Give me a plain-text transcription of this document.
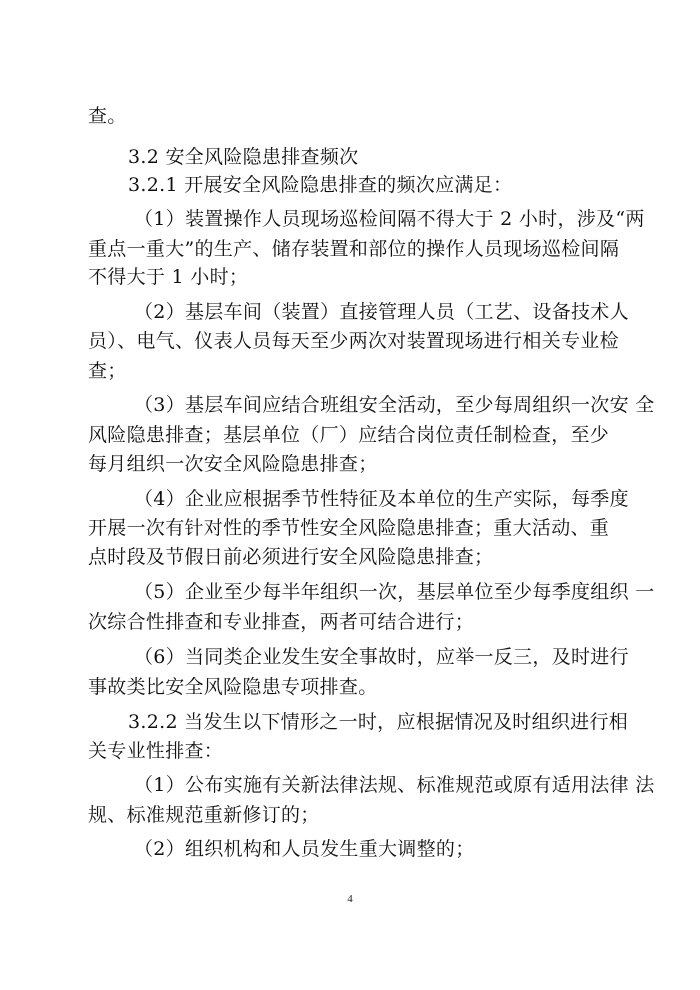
查。
3.2 安全风险隐患排查频次
3.2.1 开展安全风险隐患排查的频次应满足：
（1）装置操作人员现场巡检间隔不得大于 2 小时，涉及“两
重点一重大”的生产、储存装置和部位的操作人员现场巡检间隔
不得大于 1 小时；
（2）基层车间（装置）直接管理人员（工艺、设备技术人
员）、电气、仪表人员每天至少两次对装置现场进行相关专业检
查；
（3）基层车间应结合班组安全活动，至少每周组织一次安 全
风险隐患排查；基层单位（厂）应结合岗位责任制检查，至少
每月组织一次安全风险隐患排查；
（4）企业应根据季节性特征及本单位的生产实际，每季度
开展一次有针对性的季节性安全风险隐患排查；重大活动、重
点时段及节假日前必须进行安全风险隐患排查；
（5）企业至少每半年组织一次，基层单位至少每季度组织 一
次综合性排查和专业排查，两者可结合进行；
（6）当同类企业发生安全事故时，应举一反三，及时进行
事故类比安全风险隐患专项排查。
3.2.2 当发生以下情形之一时，应根据情况及时组织进行相
关专业性排查：
（1）公布实施有关新法律法规、标准规范或原有适用法律 法
规、标准规范重新修订的；
（2）组织机构和人员发生重大调整的；
4
